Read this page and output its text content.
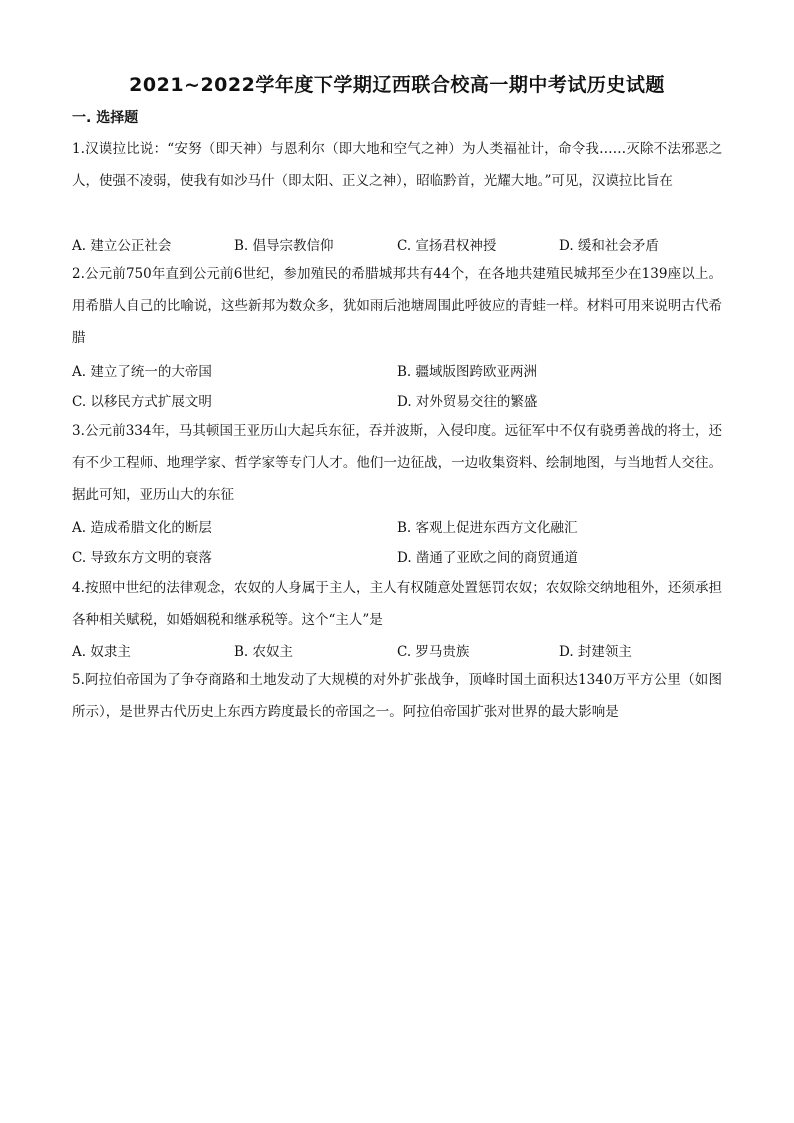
2021~2022学年度下学期辽西联合校高一期中考试历史试题
一. 选择题

1.汉谟拉比说：“安努（即天神）与恩利尔（即大地和空气之神）为人类福祉计，命令我……灭除不法邪恶之人，使强不凌弱，使我有如沙马什（即太阳、正义之神），昭临黔首，光耀大地。”可见，汉谟拉比旨在

A. 建立公正社会	B. 倡导宗教信仰	C. 宣扬君权神授	D. 缓和社会矛盾

2.公元前750年直到公元前6世纪，参加殖民的希腊城邦共有44个，在各地共建殖民城邦至少在139座以上。用希腊人自己的比喻说，这些新邦为数众多，犹如雨后池塘周围此呼彼应的青蛙一样。材料可用来说明古代希腊

A. 建立了统一的大帝国	B. 疆域版图跨欧亚两洲
C. 以移民方式扩展文明	D. 对外贸易交往的繁盛

3.公元前334年，马其顿国王亚历山大起兵东征，吞并波斯，入侵印度。远征军中不仅有骁勇善战的将士，还有不少工程师、地理学家、哲学家等专门人才。他们一边征战，一边收集资料、绘制地图，与当地哲人交往。据此可知，亚历山大的东征

A. 造成希腊文化的断层	B. 客观上促进东西方文化融汇
C. 导致东方文明的衰落	D. 凿通了亚欧之间的商贸通道

4.按照中世纪的法律观念，农奴的人身属于主人，主人有权随意处置惩罚农奴；农奴除交纳地租外，还须承担各种相关赋税，如婚姻税和继承税等。这个“主人”是

A. 奴隶主	B. 农奴主	C. 罗马贵族	D. 封建领主

5.阿拉伯帝国为了争夺商路和土地发动了大规模的对外扩张战争，顶峰时国土面积达1340万平方公里（如图所示），是世界古代历史上东西方跨度最长的帝国之一。阿拉伯帝国扩张对世界的最大影响是
